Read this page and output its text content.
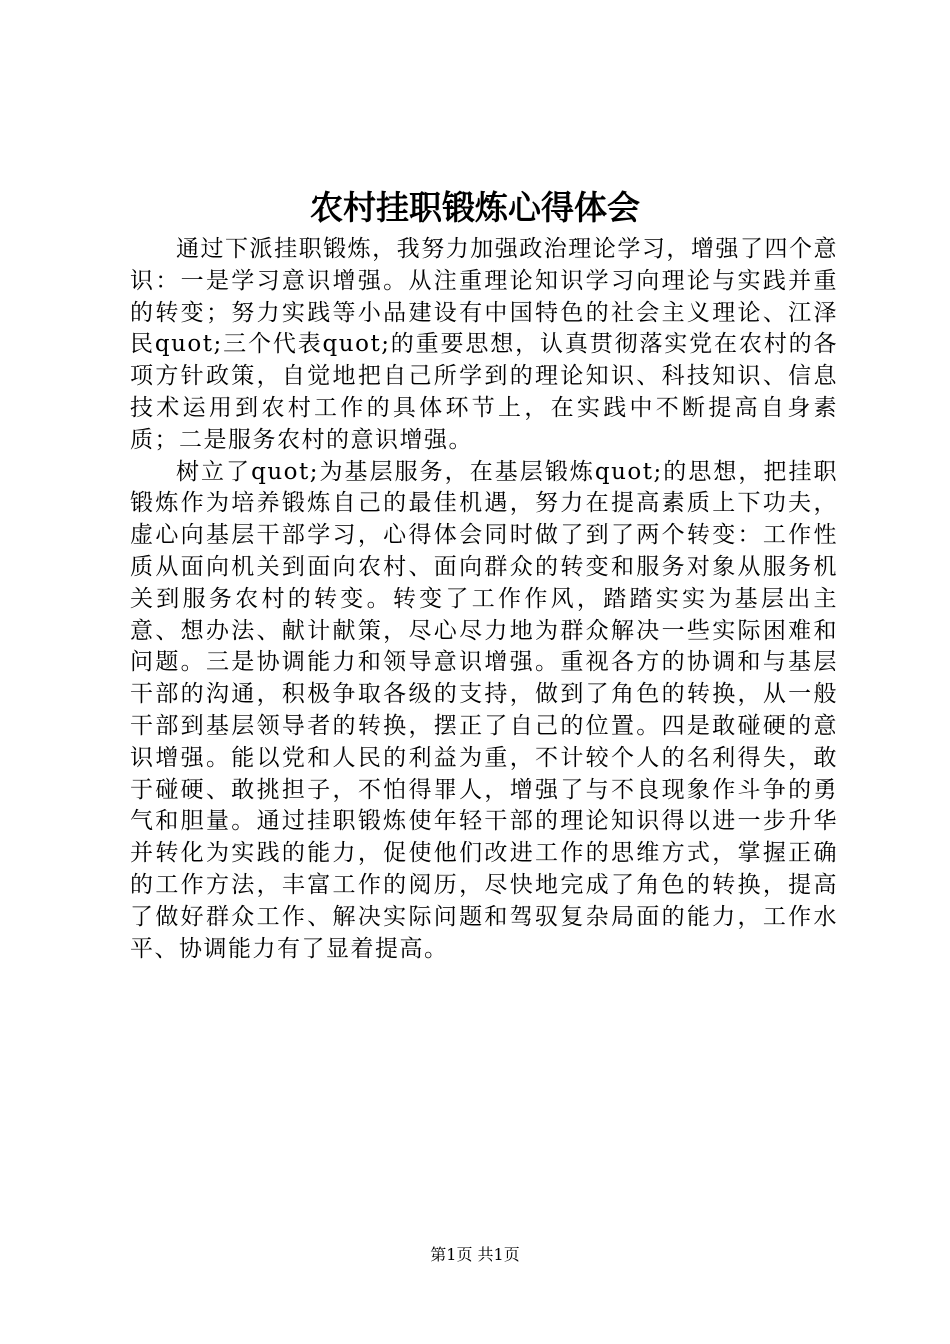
农村挂职锻炼心得体会

通过下派挂职锻炼，我努力加强政治理论学习，增强了四个意识：一是学习意识增强。从注重理论知识学习向理论与实践并重的转变；努力实践等小品建设有中国特色的社会主义理论、江泽民quot;三个代表quot;的重要思想，认真贯彻落实党在农村的各项方针政策，自觉地把自己所学到的理论知识、科技知识、信息技术运用到农村工作的具体环节上，在实践中不断提高自身素质；二是服务农村的意识增强。

树立了quot;为基层服务，在基层锻炼quot;的思想，把挂职锻炼作为培养锻炼自己的最佳机遇，努力在提高素质上下功夫，虚心向基层干部学习，心得体会同时做了到了两个转变：工作性质从面向机关到面向农村、面向群众的转变和服务对象从服务机关到服务农村的转变。转变了工作作风，踏踏实实为基层出主意、想办法、献计献策，尽心尽力地为群众解决一些实际困难和问题。三是协调能力和领导意识增强。重视各方的协调和与基层干部的沟通，积极争取各级的支持，做到了角色的转换，从一般干部到基层领导者的转换，摆正了自己的位置。四是敢碰硬的意识增强。能以党和人民的利益为重，不计较个人的名利得失，敢于碰硬、敢挑担子，不怕得罪人，增强了与不良现象作斗争的勇气和胆量。通过挂职锻炼使年轻干部的理论知识得以进一步升华并转化为实践的能力，促使他们改进工作的思维方式，掌握正确的工作方法，丰富工作的阅历，尽快地完成了角色的转换，提高了做好群众工作、解决实际问题和驾驭复杂局面的能力，工作水平、协调能力有了显着提高。

第1页 共1页
